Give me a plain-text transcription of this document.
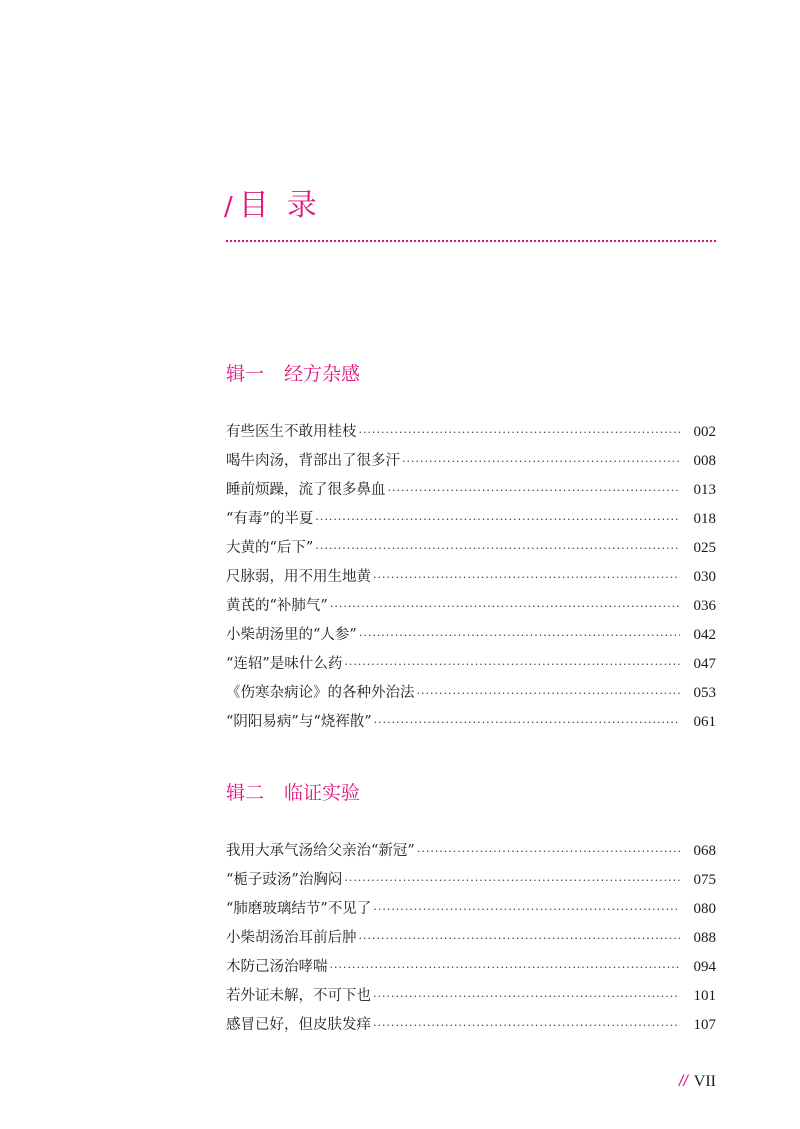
/ 目录
辑一 经方杂感
有些医生不敢用桂枝 ·····	002
喝牛肉汤，背部出了很多汗 ·····	008
睡前烦躁，流了很多鼻血 ·····	013
“有毒”的半夏 ·····	018
大黄的“后下” ·····	025
尺脉弱，用不用生地黄 ·····	030
黄芪的“补肺气” ·····	036
小柴胡汤里的“人参” ·····	042
“连轺”是味什么药 ·····	047
《伤寒杂病论》的各种外治法 ·····	053
“阴阳易病”与“烧裈散” ·····	061
辑二 临证实验
我用大承气汤给父亲治“新冠” ·····	068
“栀子豉汤”治胸闷 ·····	075
“肺磨玻璃结节”不见了 ·····	080
小柴胡汤治耳前后肿 ·····	088
木防己汤治哮喘 ·····	094
若外证未解，不可下也 ·····	101
感冒已好，但皮肤发痒 ·····	107
// VII
